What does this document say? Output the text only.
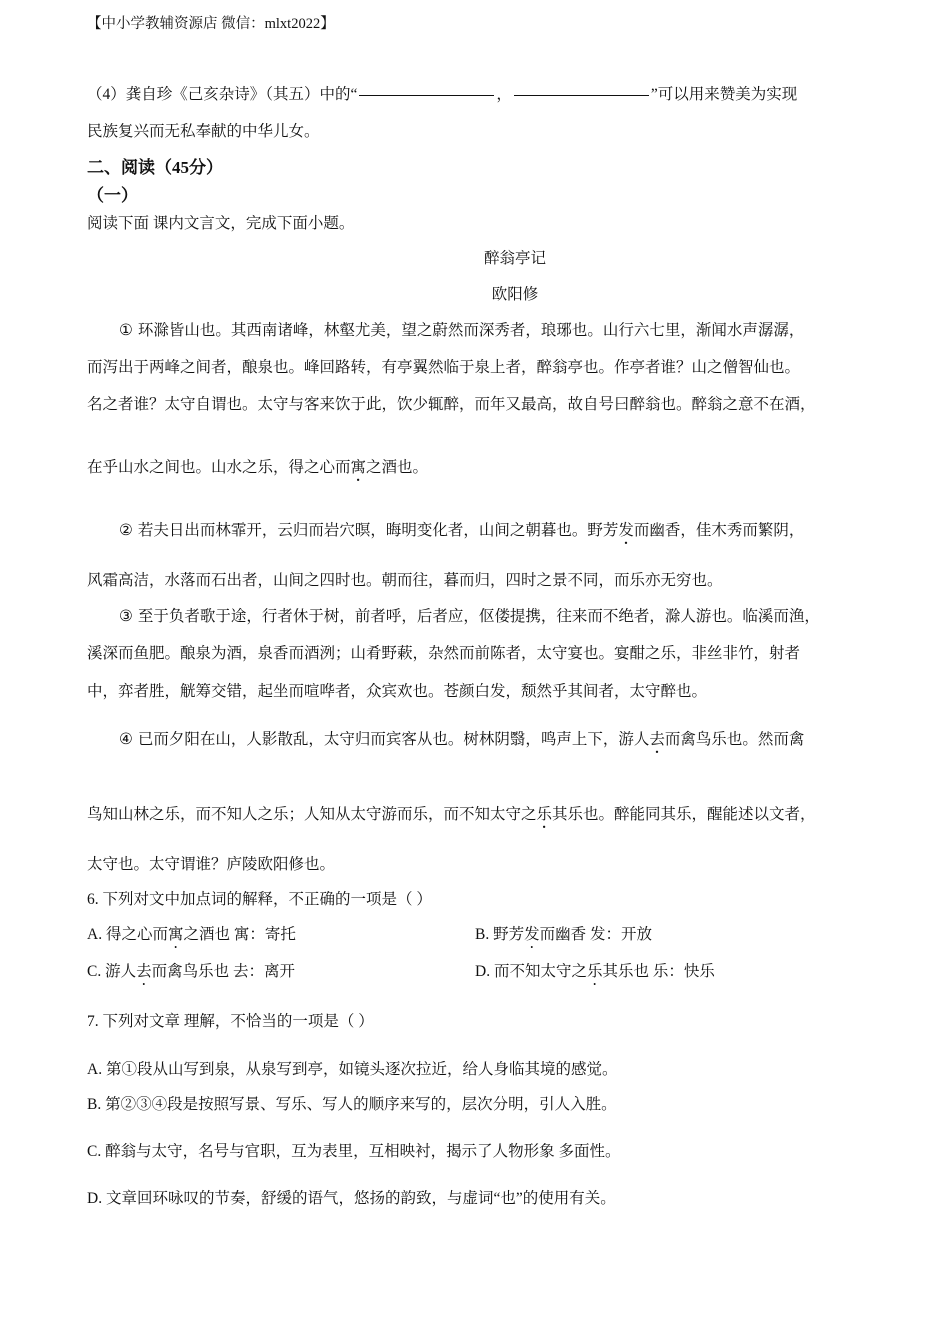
【中小学教辅资源店 微信：mlxt2022】
（4）龚自珍《己亥杂诗》（其五）中的“	，	”可以用来赞美为实现
民族复兴而无私奉献的中华儿女。
二、阅读（45分）
（一）
阅读下面 课内文言文，完成下面小题。
醉翁亭记
欧阳修
① 环滁皆山也。其西南诸峰，林壑尤美，望之蔚然而深秀者，琅琊也。山行六七里，渐闻水声潺潺，
而泻出于两峰之间者，酿泉也。峰回路转，有亭翼然临于泉上者，醉翁亭也。作亭者谁？山之僧智仙也。
名之者谁？太守自谓也。太守与客来饮于此，饮少辄醉，而年又最高，故自号曰醉翁也。醉翁之意不在酒，
在乎山水之间也。山水之乐，得之心而寓之酒也。
② 若夫日出而林霏开，云归而岩穴暝，晦明变化者，山间之朝暮也。野芳发而幽香，佳木秀而繁阴，
风霜高洁，水落而石出者，山间之四时也。朝而往，暮而归，四时之景不同，而乐亦无穷也。
③ 至于负者歌于途，行者休于树，前者呼，后者应，伛偻提携，往来而不绝者，滁人游也。临溪而渔，
溪深而鱼肥。酿泉为酒，泉香而酒洌；山肴野蔌，杂然而前陈者，太守宴也。宴酣之乐，非丝非竹，射者
中，弈者胜，觥筹交错，起坐而喧哗者，众宾欢也。苍颜白发，颓然乎其间者，太守醉也。
④ 已而夕阳在山，人影散乱，太守归而宾客从也。树林阴翳，鸣声上下，游人去而禽鸟乐也。然而禽
鸟知山林之乐，而不知人之乐；人知从太守游而乐，而不知太守之乐其乐也。醉能同其乐，醒能述以文者，
太守也。太守谓谁？庐陵欧阳修也。
6. 下列对文中加点词的解释，不正确的一项是（ ）
A. 得之心而寓之酒也 寓：寄托	B. 野芳发而幽香 发：开放
C. 游人去而禽鸟乐也 去：离开	D. 而不知太守之乐其乐也 乐：快乐
7. 下列对文章 理解，不恰当的一项是（ ）
A. 第①段从山写到泉，从泉写到亭，如镜头逐次拉近，给人身临其境的感觉。
B. 第②③④段是按照写景、写乐、写人的顺序来写的，层次分明，引人入胜。
C. 醉翁与太守，名号与官职，互为表里，互相映衬，揭示了人物形象 多面性。
D. 文章回环咏叹的节奏，舒缓的语气，悠扬的韵致，与虚词“也”的使用有关。
